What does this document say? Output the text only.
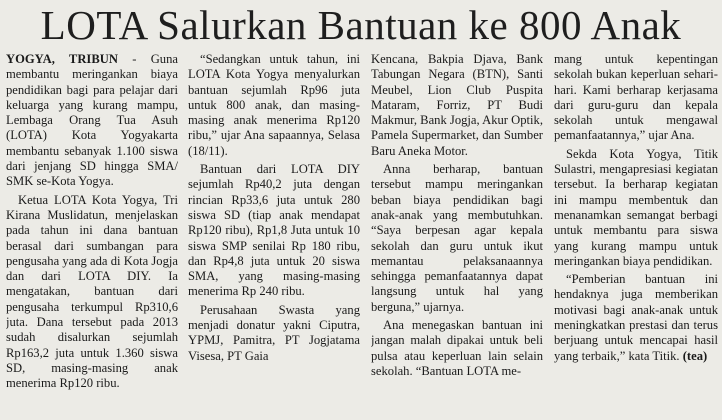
LOTA Salurkan Bantuan ke 800 Anak

YOGYA, TRIBUN - Guna membantu meringankan biaya pendidikan bagi para pelajar dari keluarga yang kurang mampu, Lembaga Orang Tua Asuh (LOTA) Kota Yogyakarta membantu sebanyak 1.100 siswa dari jenjang SD hingga SMA/ SMK se-Kota Yogya.

Ketua LOTA Kota Yogya, Tri Kirana Muslidatun, menjelaskan pada tahun ini dana bantuan berasal dari sumbangan para pengusaha yang ada di Kota Jogja dan dari LOTA DIY. Ia mengatakan, bantuan dari pengusaha terkumpul Rp310,6 juta. Dana tersebut pada 2013 sudah disalurkan sejumlah Rp163,2 juta untuk 1.360 siswa SD, masing-masing anak menerima Rp120 ribu.

“Sedangkan untuk tahun, ini LOTA Kota Yogya menyalurkan bantuan sejumlah Rp96 juta untuk 800 anak, dan masing-masing anak menerima Rp120 ribu,” ujar Ana sapaannya, Selasa (18/11).

Bantuan dari LOTA DIY sejumlah Rp40,2 juta dengan rincian Rp33,6 juta untuk 280 siswa SD (tiap anak mendapat Rp120 ribu), Rp1,8 Juta untuk 10 siswa SMP senilai Rp 180 ribu, dan Rp4,8 juta untuk 20 siswa SMA, yang masing-masing menerima Rp 240 ribu.

Perusahaan Swasta yang menjadi donatur yakni Ciputra, YPMJ, Pamitra, PT Jogjatama Visesa, PT Gaia

Kencana, Bakpia Djava, Bank Tabungan Negara (BTN), Santi Meubel, Lion Club Puspita Mataram, Forriz, PT Budi Makmur, Bank Jogja, Akur Optik, Pamela Supermarket, dan Sumber Baru Aneka Motor.

Anna berharap, bantuan tersebut mampu meringankan beban biaya pendidikan bagi anak-anak yang membutuhkan. “Saya berpesan agar kepala sekolah dan guru untuk ikut memantau pelaksanaannya sehingga pemanfaatannya dapat langsung untuk hal yang berguna,” ujarnya.

Ana menegaskan bantuan ini jangan malah dipakai untuk beli pulsa atau keperluan lain selain sekolah. “Bantuan LOTA me-

mang untuk kepentingan sekolah bukan keperluan sehari-hari. Kami berharap kerjasama dari guru-guru dan kepala sekolah untuk mengawal pemanfaatannya,” ujar Ana.

Sekda Kota Yogya, Titik Sulastri, mengapresiasi kegiatan tersebut. Ia berharap kegiatan ini mampu membentuk dan menanamkan semangat berbagi untuk membantu para siswa yang kurang mampu untuk meringankan biaya pendidikan.

“Pemberian bantuan ini hendaknya juga memberikan motivasi bagi anak-anak untuk meningkatkan prestasi dan terus berjuang untuk mencapai hasil yang terbaik,” kata Titik. (tea)
